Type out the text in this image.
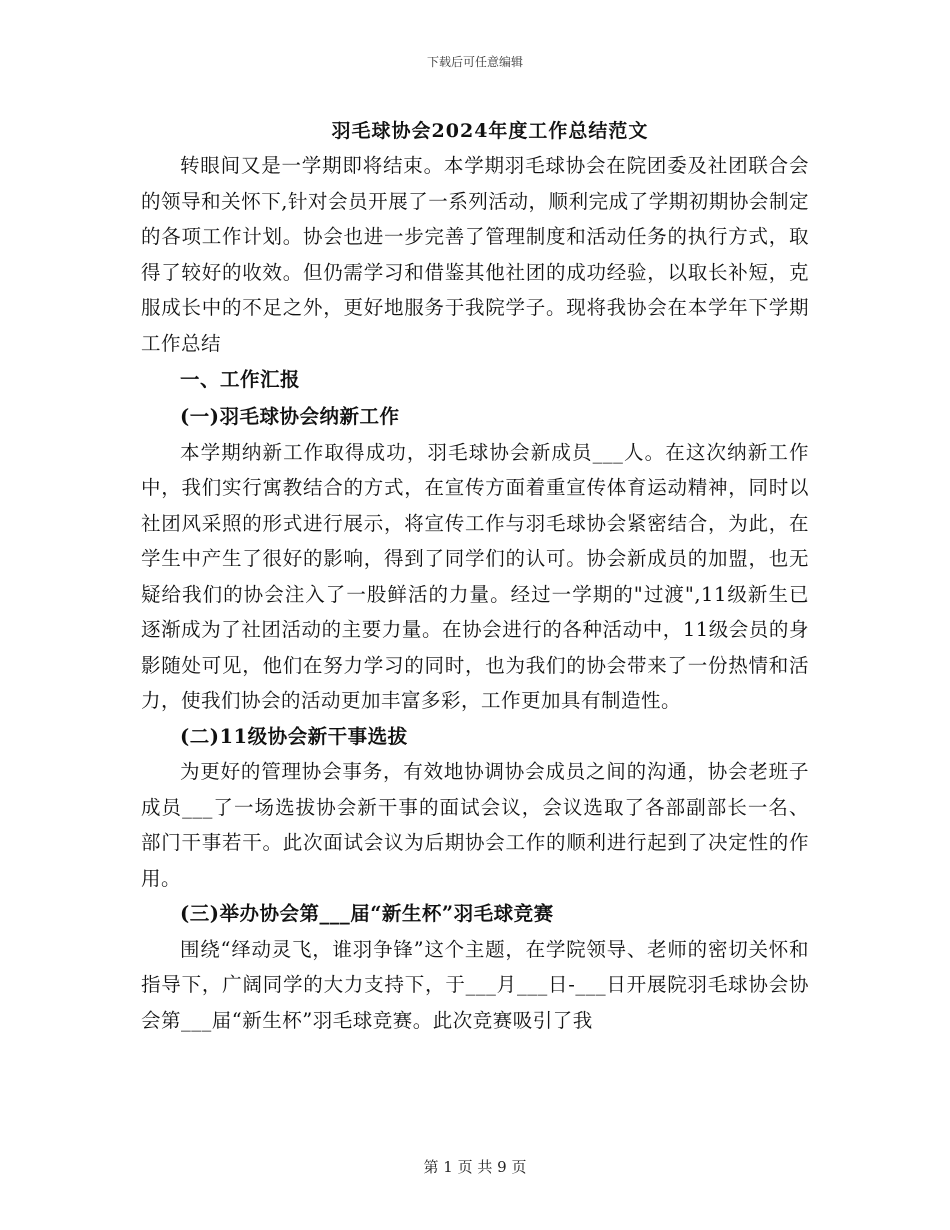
下载后可任意编辑
羽毛球协会2024年度工作总结范文

转眼间又是一学期即将结束。本学期羽毛球协会在院团委及社团联合会的领导和关怀下,针对会员开展了一系列活动，顺利完成了学期初期协会制定的各项工作计划。协会也进一步完善了管理制度和活动任务的执行方式，取得了较好的收效。但仍需学习和借鉴其他社团的成功经验，以取长补短，克服成长中的不足之外，更好地服务于我院学子。现将我协会在本学年下学期工作总结

一、工作汇报

(一)羽毛球协会纳新工作

本学期纳新工作取得成功，羽毛球协会新成员___人。在这次纳新工作中，我们实行寓教结合的方式，在宣传方面着重宣传体育运动精神，同时以社团风采照的形式进行展示，将宣传工作与羽毛球协会紧密结合，为此，在学生中产生了很好的影响，得到了同学们的认可。协会新成员的加盟，也无疑给我们的协会注入了一股鲜活的力量。经过一学期的"过渡",11级新生已逐渐成为了社团活动的主要力量。在协会进行的各种活动中，11级会员的身影随处可见，他们在努力学习的同时，也为我们的协会带来了一份热情和活力，使我们协会的活动更加丰富多彩，工作更加具有制造性。

(二)11级协会新干事选拔

为更好的管理协会事务，有效地协调协会成员之间的沟通，协会老班子成员___了一场选拔协会新干事的面试会议，会议选取了各部副部长一名、部门干事若干。此次面试会议为后期协会工作的顺利进行起到了决定性的作用。

(三)举办协会第___届“新生杯”羽毛球竞赛

围绕“绎动灵飞，谁羽争锋”这个主题，在学院领导、老师的密切关怀和指导下，广阔同学的大力支持下，于___月___日-___日开展院羽毛球协会协会第___届“新生杯”羽毛球竞赛。此次竞赛吸引了我

第 1 页 共 9 页
